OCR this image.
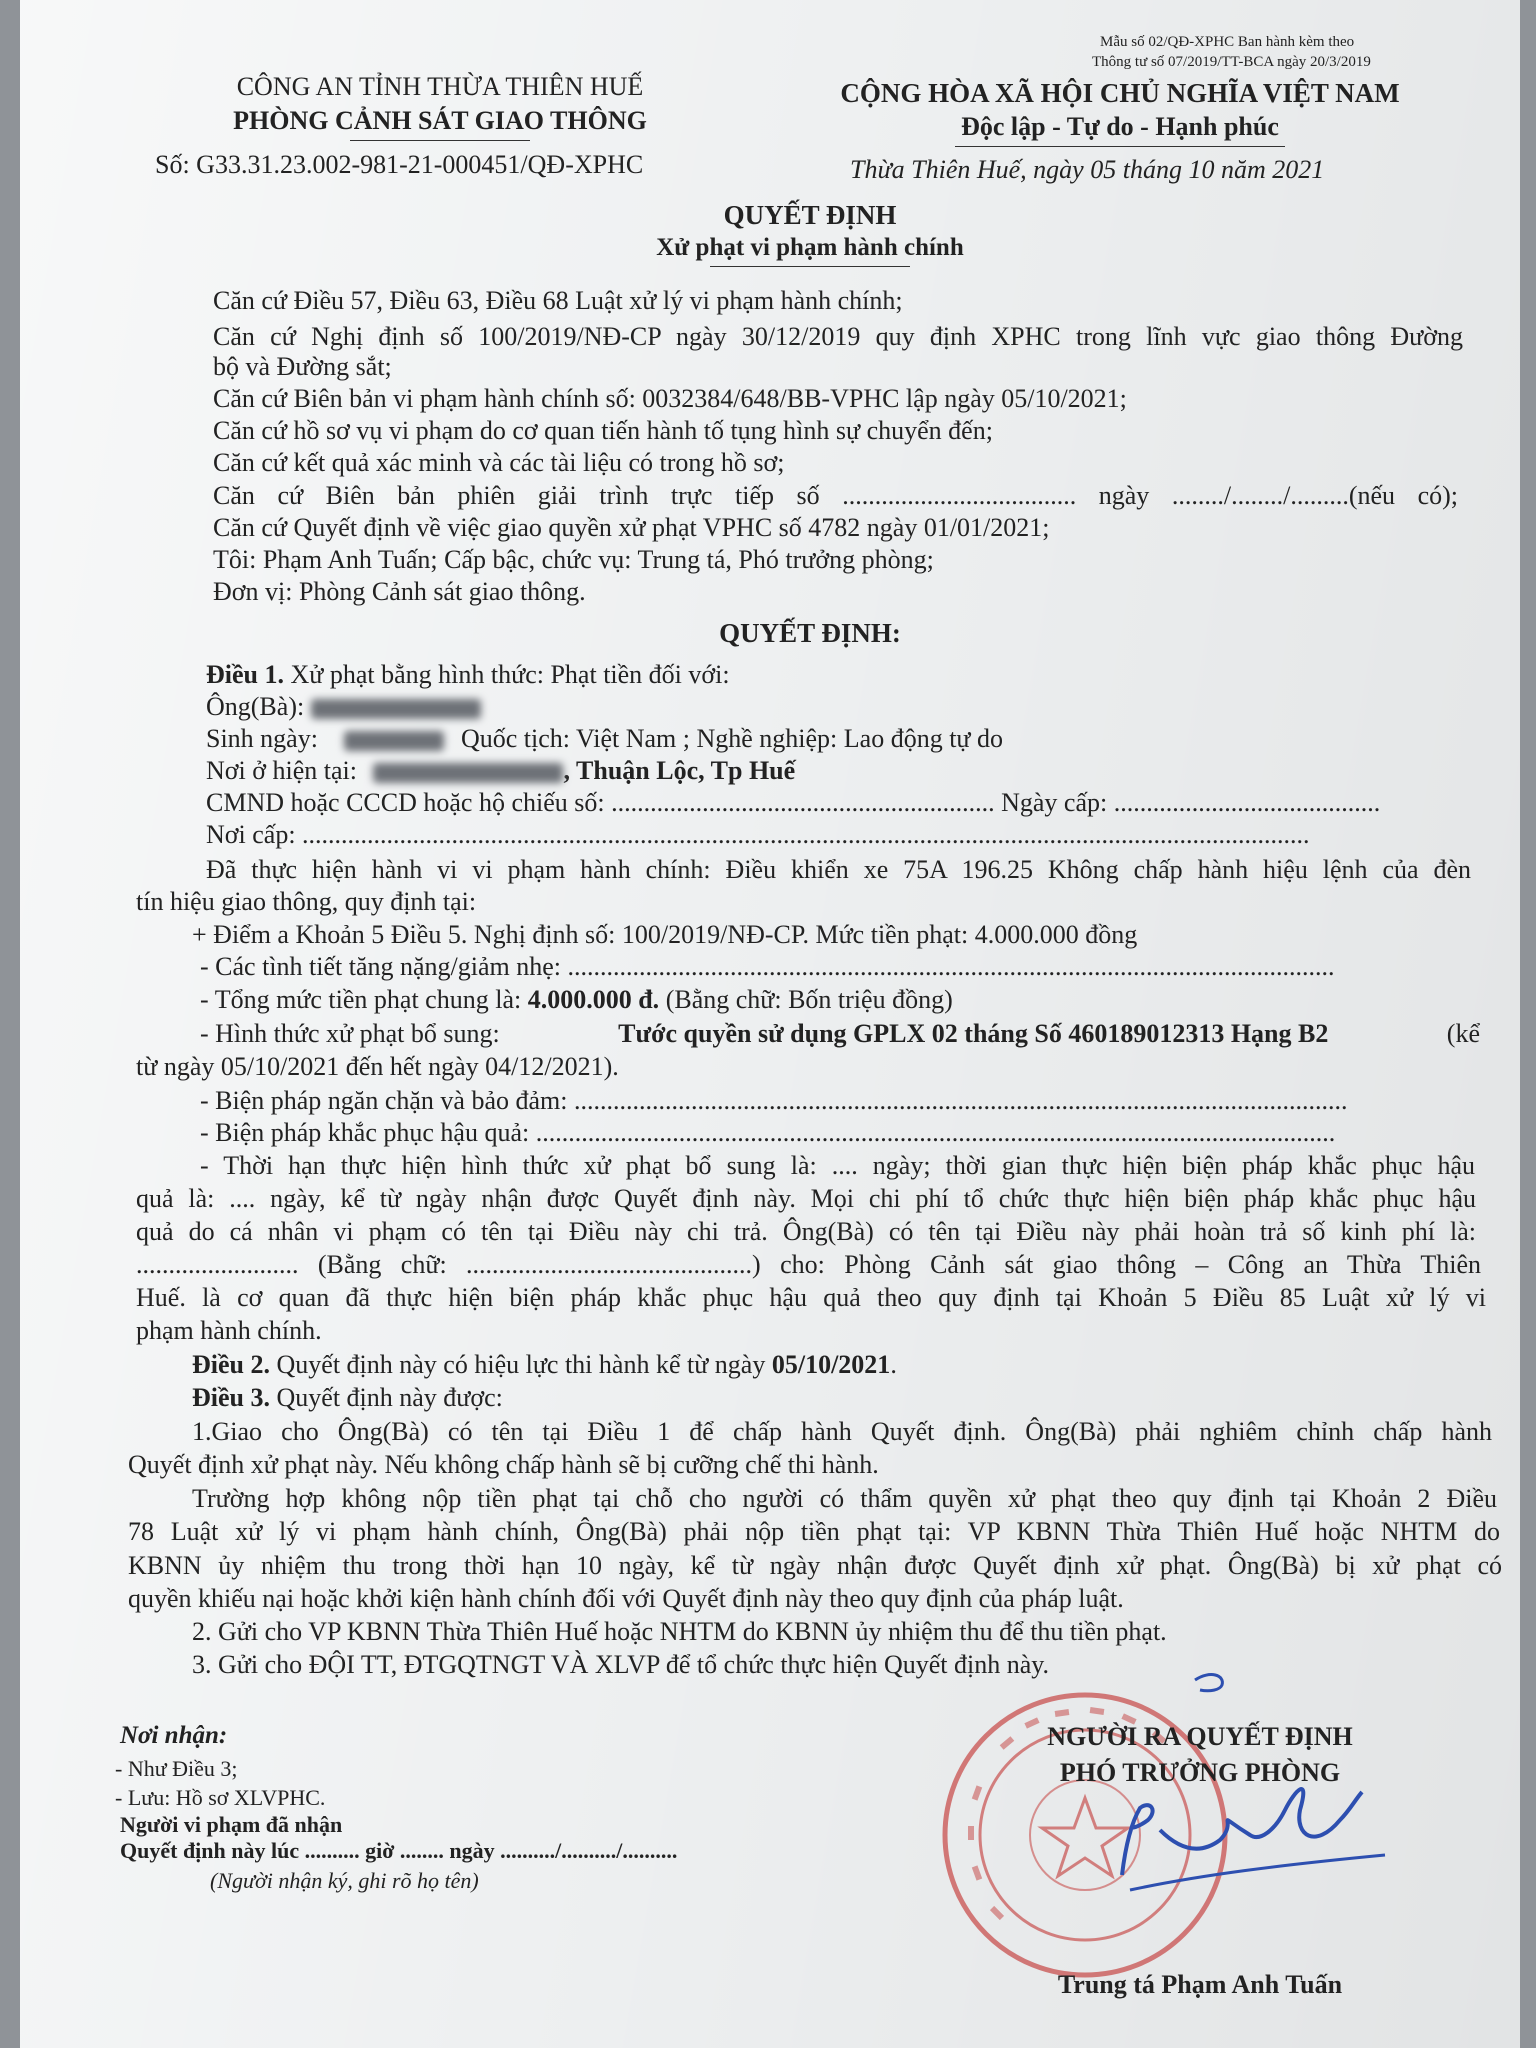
Mẫu số 02/QĐ-XPHC Ban hành kèm theo
Thông tư số 07/2019/TT-BCA ngày 20/3/2019
CÔNG AN TỈNH THỪA THIÊN HUẾ
PHÒNG CẢNH SÁT GIAO THÔNG
Số: G33.31.23.002-981-21-000451/QĐ-XPHC
CỘNG HÒA XÃ HỘI CHỦ NGHĨA VIỆT NAM
Độc lập - Tự do - Hạnh phúc
Thừa Thiên Huế, ngày 05 tháng 10 năm 2021
QUYẾT ĐỊNH
Xử phạt vi phạm hành chính
Căn cứ Điều 57, Điều 63, Điều 68 Luật xử lý vi phạm hành chính;
Căn cứ Nghị định số 100/2019/NĐ-CP ngày 30/12/2019 quy định XPHC trong lĩnh vực giao thông Đường
bộ và Đường sắt;
Căn cứ Biên bản vi phạm hành chính số: 0032384/648/BB-VPHC lập ngày 05/10/2021;
Căn cứ hồ sơ vụ vi phạm do cơ quan tiến hành tố tụng hình sự chuyển đến;
Căn cứ kết quả xác minh và các tài liệu có trong hồ sơ;
Căn cứ Biên bản phiên giải trình trực tiếp số .................................... ngày ......../......../.........(nếu có);
Căn cứ Quyết định về việc giao quyền xử phạt VPHC số 4782 ngày 01/01/2021;
Tôi: Phạm Anh Tuấn; Cấp bậc, chức vụ: Trung tá, Phó trưởng phòng;
Đơn vị: Phòng Cảnh sát giao thông.
QUYẾT ĐỊNH:
Điều 1. Xử phạt bằng hình thức: Phạt tiền đối với:
Ông(Bà):
Sinh ngày:	Quốc tịch: Việt Nam ; Nghề nghiệp: Lao động tự do
Nơi ở hiện tại:	, Thuận Lộc, Tp Huế
CMND hoặc CCCD hoặc hộ chiếu số: ........................................................... Ngày cấp: .........................................
Nơi cấp: ...........................................................................................................................................................
Đã thực hiện hành vi vi phạm hành chính: Điều khiển xe 75A 196.25 Không chấp hành hiệu lệnh của đèn
tín hiệu giao thông, quy định tại:
+ Điểm a Khoản 5 Điều 5. Nghị định số: 100/2019/NĐ-CP. Mức tiền phạt: 4.000.000 đồng
- Các tình tiết tăng nặng/giảm nhẹ: ......................................................................................................................
- Tổng mức tiền phạt chung là: 4.000.000 đ. (Bằng chữ: Bốn triệu đồng)
- Hình thức xử phạt bổ sung:	Tước quyền sử dụng GPLX 02 tháng Số 460189012313 Hạng B2	(kể
từ ngày 05/10/2021 đến hết ngày 04/12/2021).
- Biện pháp ngăn chặn và bảo đảm: .......................................................................................................................
- Biện pháp khắc phục hậu quả: ...........................................................................................................................
- Thời hạn thực hiện hình thức xử phạt bổ sung là: .... ngày; thời gian thực hiện biện pháp khắc phục hậu
quả là: .... ngày, kể từ ngày nhận được Quyết định này. Mọi chi phí tổ chức thực hiện biện pháp khắc phục hậu
quả do cá nhân vi phạm có tên tại Điều này chi trả. Ông(Bà) có tên tại Điều này phải hoàn trả số kinh phí là:
......................... (Bằng chữ: ............................................) cho: Phòng Cảnh sát giao thông – Công an Thừa Thiên
Huế. là cơ quan đã thực hiện biện pháp khắc phục hậu quả theo quy định tại Khoản 5 Điều 85 Luật xử lý vi
phạm hành chính.
Điều 2. Quyết định này có hiệu lực thi hành kể từ ngày 05/10/2021.
Điều 3. Quyết định này được:
1.Giao cho Ông(Bà) có tên tại Điều 1 để chấp hành Quyết định. Ông(Bà) phải nghiêm chỉnh chấp hành
Quyết định xử phạt này. Nếu không chấp hành sẽ bị cưỡng chế thi hành.
Trường hợp không nộp tiền phạt tại chỗ cho người có thẩm quyền xử phạt theo quy định tại Khoản 2 Điều
78 Luật xử lý vi phạm hành chính, Ông(Bà) phải nộp tiền phạt tại: VP KBNN Thừa Thiên Huế hoặc NHTM do
KBNN ủy nhiệm thu trong thời hạn 10 ngày, kể từ ngày nhận được Quyết định xử phạt. Ông(Bà) bị xử phạt có
quyền khiếu nại hoặc khởi kiện hành chính đối với Quyết định này theo quy định của pháp luật.
2. Gửi cho VP KBNN Thừa Thiên Huế hoặc NHTM do KBNN ủy nhiệm thu để thu tiền phạt.
3. Gửi cho ĐỘI TT, ĐTGQTNGT VÀ XLVP để tổ chức thực hiện Quyết định này.
Nơi nhận:
- Như Điều 3;
- Lưu: Hồ sơ XLVPHC.
Người vi phạm đã nhận
Quyết định này lúc .......... giờ ........ ngày ........../........../..........
(Người nhận ký, ghi rõ họ tên)
NGƯỜI RA QUYẾT ĐỊNH
PHÓ TRƯỞNG PHÒNG
Trung tá Phạm Anh Tuấn
